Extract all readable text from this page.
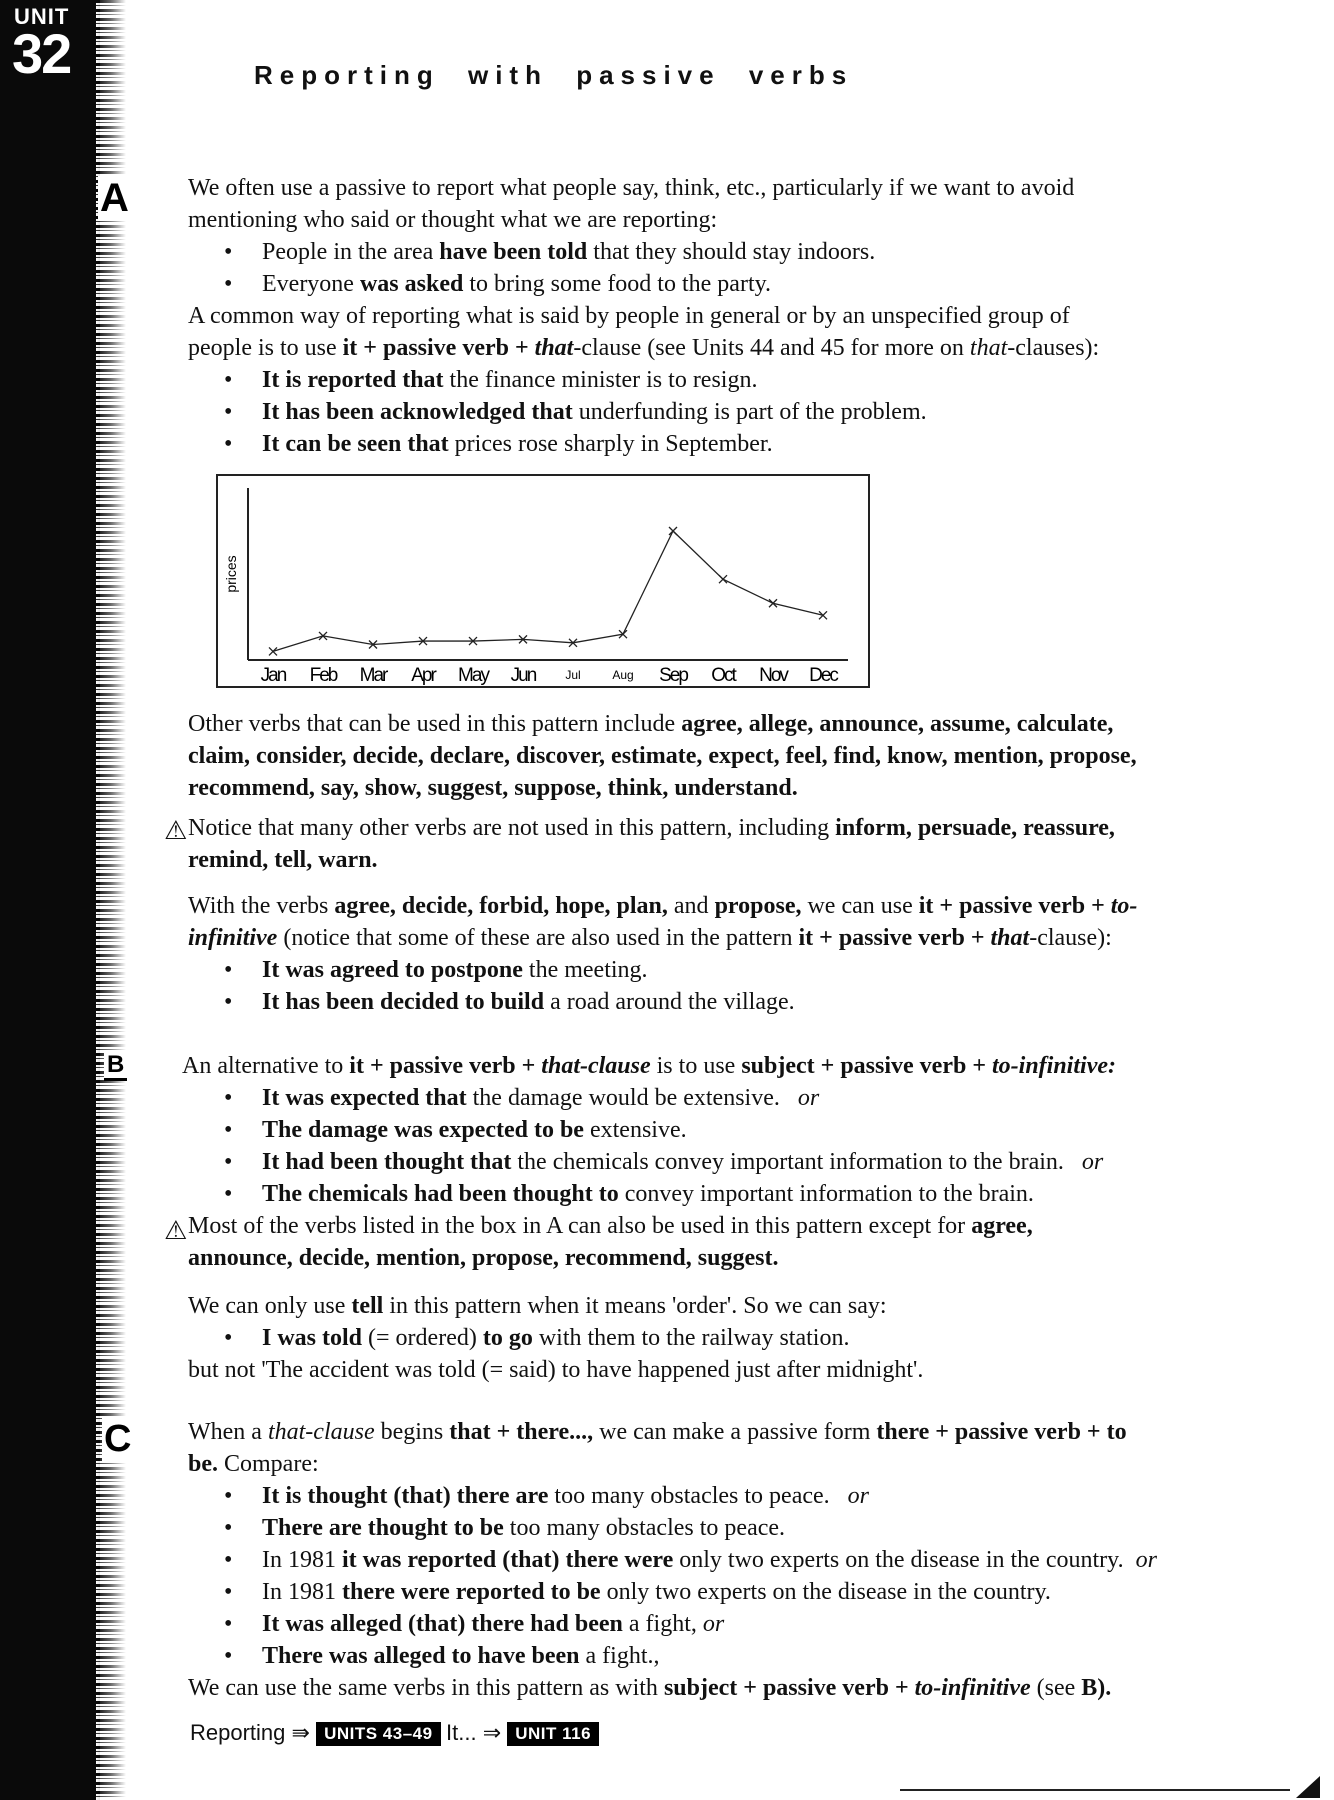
UNIT
32
A
B
C
Reporting with passive verbs
We often use a passive to report what people say, think, etc., particularly if we want to avoid
mentioning who said or thought what we are reporting:
• People in the area have been told that they should stay indoors.
• Everyone was asked to bring some food to the party.
A common way of reporting what is said by people in general or by an unspecified group of
people is to use it + passive verb + that-clause (see Units 44 and 45 for more on that-clauses):
• It is reported that the finance minister is to resign.
• It has been acknowledged that underfunding is part of the problem.
• It can be seen that prices rose sharply in September.
prices
Jan Feb Mar Apr May Jun	Jul	Aug Sep Oct Nov Dec
Other verbs that can be used in this pattern include agree, allege, announce, assume, calculate,
claim, consider, decide, declare, discover, estimate, expect, feel, find, know, mention, propose,
recommend, say, show, suggest, suppose, think, understand.
⚠ Notice that many other verbs are not used in this pattern, including inform, persuade, reassure,
remind, tell, warn.
With the verbs agree, decide, forbid, hope, plan, and propose, we can use it + passive verb + to-
infinitive (notice that some of these are also used in the pattern it + passive verb + that-clause):
• It was agreed to postpone the meeting.
• It has been decided to build a road around the village.
An alternative to it + passive verb + that-clause is to use subject + passive verb + to-infinitive:
• It was expected that the damage would be extensive. or
• The damage was expected to be extensive.
• It had been thought that the chemicals convey important information to the brain. or
• The chemicals had been thought to convey important information to the brain.
⚠ Most of the verbs listed in the box in A can also be used in this pattern except for agree,
announce, decide, mention, propose, recommend, suggest.
We can only use tell in this pattern when it means 'order'. So we can say:
• I was told (= ordered) to go with them to the railway station.
but not 'The accident was told (= said) to have happened just after midnight'.
When a that-clause begins that + there..., we can make a passive form there + passive verb + to
be. Compare:
• It is thought (that) there are too many obstacles to peace. or
• There are thought to be too many obstacles to peace.
• In 1981 it was reported (that) there were only two experts on the disease in the country. or
• In 1981 there were reported to be only two experts on the disease in the country.
• It was alleged (that) there had been a fight, or
• There was alleged to have been a fight.,
We can use the same verbs in this pattern as with subject + passive verb + to-infinitive (see B).
Reporting ⇛ UNITS 43–49 It... ⇒ UNIT 116
